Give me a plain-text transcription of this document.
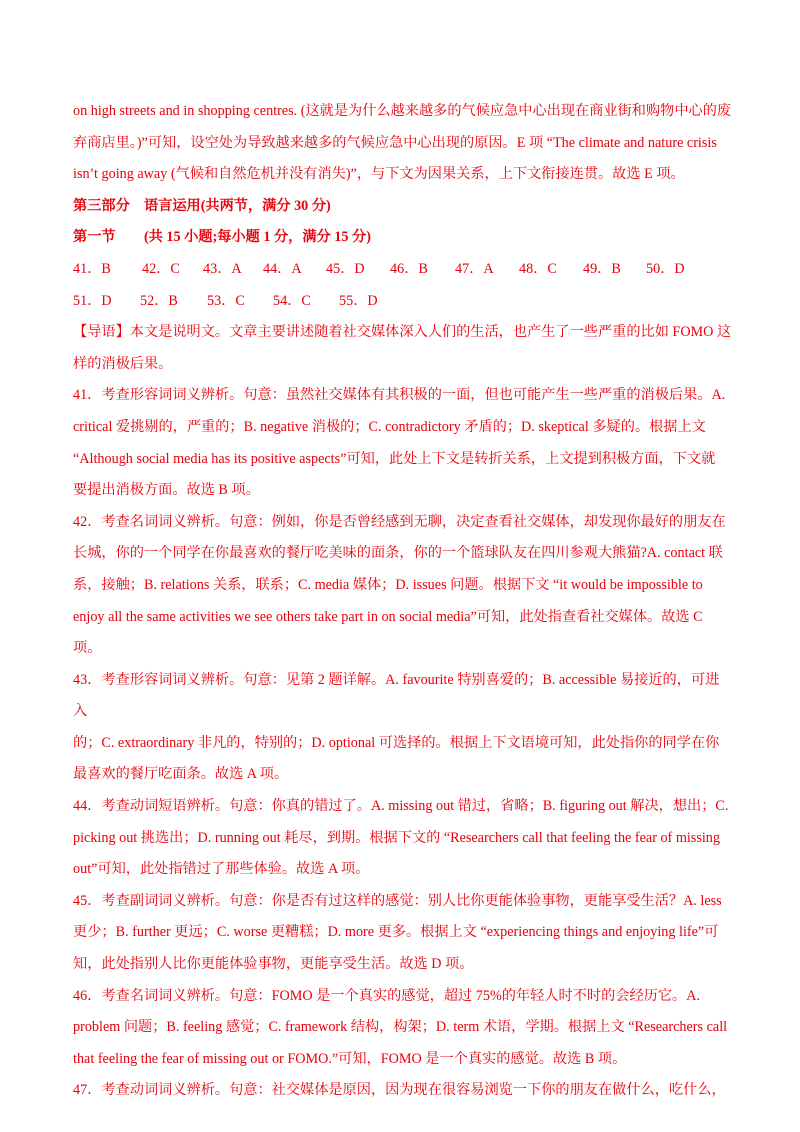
on high streets and in shopping centres. (这就是为什么越来越多的气候应急中心出现在商业街和购物中心的废

弃商店里。)”可知，设空处为导致越来越多的气候应急中心出现的原因。E 项 “The climate and nature crisis

isn’t going away (气候和自然危机并没有消失)”，与下文为因果关系，上下文衔接连贯。故选 E 项。

第三部分　语言运用(共两节，满分 30 分)

第一节　　(共 15 小题;每小题 1 分，满分 15 分)

41．B	42．C	43．A	44．A	45．D	46．B	47．A	48．C	49．B	50．D
51．D	52．B	53．C	54．C	55．D

【导语】本文是说明文。文章主要讲述随着社交媒体深入人们的生活，也产生了一些严重的比如 FOMO 这

样的消极后果。

41．考查形容词词义辨析。句意：虽然社交媒体有其积极的一面，但也可能产生一些严重的消极后果。A.

critical 爱挑剔的，严重的；B. negative 消极的；C. contradictory 矛盾的；D. skeptical 多疑的。根据上文

“Although social media has its positive aspects”可知，此处上下文是转折关系，上文提到积极方面，下文就

要提出消极方面。故选 B 项。

42．考查名词词义辨析。句意：例如，你是否曾经感到无聊，决定查看社交媒体，却发现你最好的朋友在

长城，你的一个同学在你最喜欢的餐厅吃美味的面条，你的一个篮球队友在四川参观大熊猫?A. contact 联

系，接触；B. relations 关系，联系；C. media 媒体；D. issues 问题。根据下文 “it would be impossible to

enjoy all the same activities we see others take part in on social media”可知，此处指查看社交媒体。故选 C 项。

43．考查形容词词义辨析。句意：见第 2 题详解。A. favourite 特别喜爱的；B. accessible 易接近的，可进入

的；C. extraordinary 非凡的，特别的；D. optional 可选择的。根据上下文语境可知，此处指你的同学在你

最喜欢的餐厅吃面条。故选 A 项。

44．考查动词短语辨析。句意：你真的错过了。A. missing out 错过，省略；B. figuring out 解决，想出；C.

picking out 挑选出；D. running out 耗尽，到期。根据下文的 “Researchers call that feeling the fear of missing

out”可知，此处指错过了那些体验。故选 A 项。

45．考查副词词义辨析。句意：你是否有过这样的感觉：别人比你更能体验事物，更能享受生活？A. less

更少；B. further 更远；C. worse 更糟糕；D. more 更多。根据上文 “experiencing things and enjoying life”可

知，此处指别人比你更能体验事物，更能享受生活。故选 D 项。

46．考查名词词义辨析。句意：FOMO 是一个真实的感觉，超过 75%的年轻人时不时的会经历它。A.

problem 问题；B. feeling 感觉；C. framework 结构，构架；D. term 术语，学期。根据上文 “Researchers call

that feeling the fear of missing out or FOMO.”可知，FOMO 是一个真实的感觉。故选 B 项。

47．考查动词词义辨析。句意：社交媒体是原因，因为现在很容易浏览一下你的朋友在做什么，吃什么，
